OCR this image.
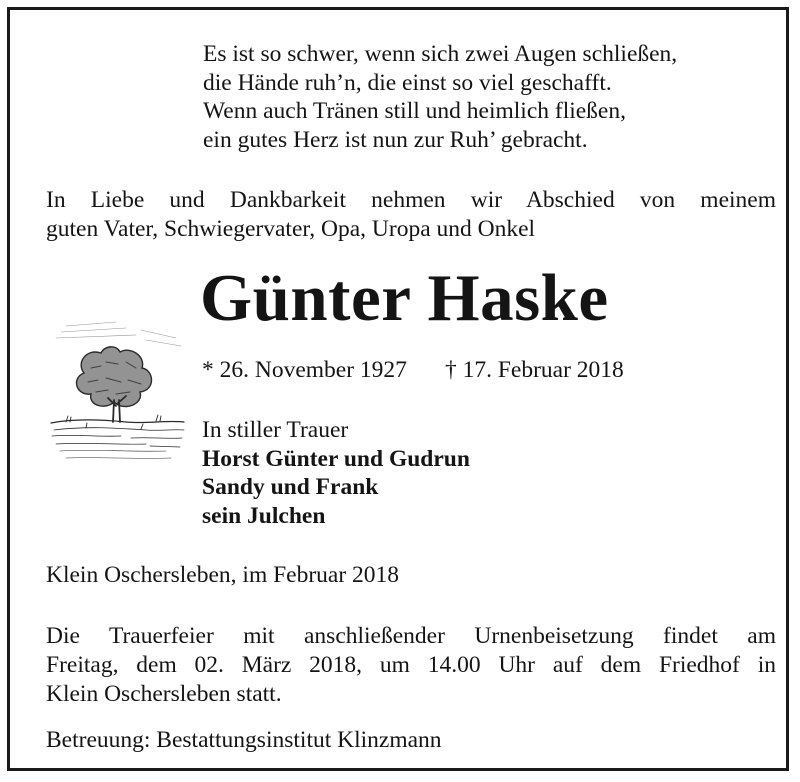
Es ist so schwer, wenn sich zwei Augen schließen,
die Hände ruh’n, die einst so viel geschafft.
Wenn auch Tränen still und heimlich fließen,
ein gutes Herz ist nun zur Ruh’ gebracht.
In Liebe und Dankbarkeit nehmen wir Abschied von meinem
guten Vater, Schwiegervater, Opa, Uropa und Onkel
Günter Haske
* 26. November 1927 † 17. Februar 2018
In stiller Trauer
Horst Günter und Gudrun
Sandy und Frank
sein Julchen
Klein Oschersleben, im Februar 2018
Die Trauerfeier mit anschließender Urnenbeisetzung findet am
Freitag, dem 02. März 2018, um 14.00 Uhr auf dem Friedhof in
Klein Oschersleben statt.
Betreuung: Bestattungsinstitut Klinzmann
